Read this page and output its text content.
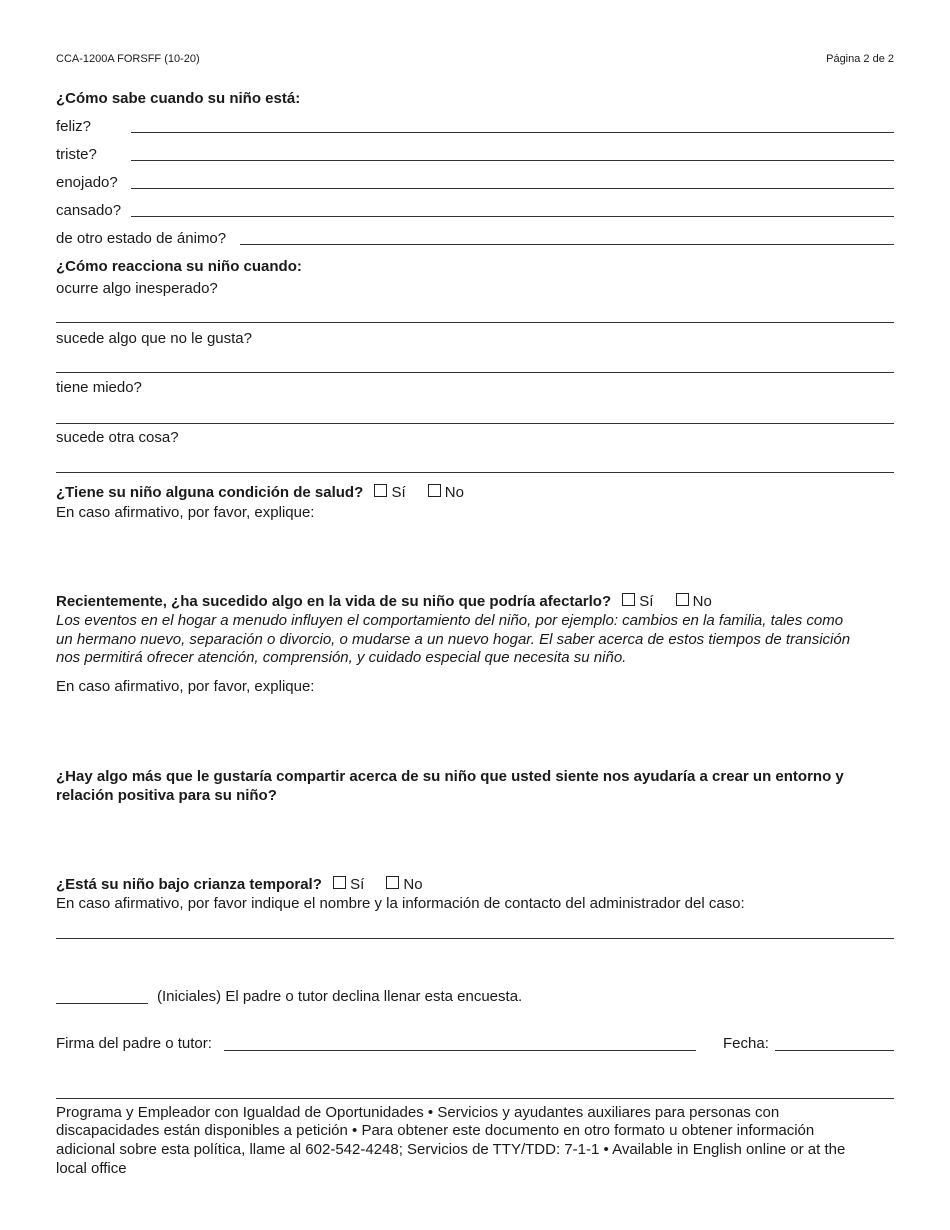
CCA-1200A FORSFF (10-20)	Página 2 de 2
¿Cómo sabe cuando su niño está:
feliz?
triste?
enojado?
cansado?
de otro estado de ánimo?
¿Cómo reacciona su niño cuando:
ocurre algo inesperado?
sucede algo que no le gusta?
tiene miedo?
sucede otra cosa?
¿Tiene su niño alguna condición de salud? Sí	No
En caso afirmativo, por favor, explique:
Recientemente, ¿ha sucedido algo en la vida de su niño que podría afectarlo? Sí	No
Los eventos en el hogar a menudo influyen el comportamiento del niño, por ejemplo: cambios en la familia, tales como
un hermano nuevo, separación o divorcio, o mudarse a un nuevo hogar. El saber acerca de estos tiempos de transición
nos permitirá ofrecer atención, comprensión, y cuidado especial que necesita su niño.
En caso afirmativo, por favor, explique:
¿Hay algo más que le gustaría compartir acerca de su niño que usted siente nos ayudaría a crear un entorno y
relación positiva para su niño?
¿Está su niño bajo crianza temporal? Sí	No
En caso afirmativo, por favor indique el nombre y la información de contacto del administrador del caso:
(Iniciales) El padre o tutor declina llenar esta encuesta.
Firma del padre o tutor:	Fecha:
Programa y Empleador con Igualdad de Oportunidades • Servicios y ayudantes auxiliares para personas con
discapacidades están disponibles a petición • Para obtener este documento en otro formato u obtener información
adicional sobre esta política, llame al 602-542-4248; Servicios de TTY/TDD: 7-1-1 • Available in English online or at the
local office
